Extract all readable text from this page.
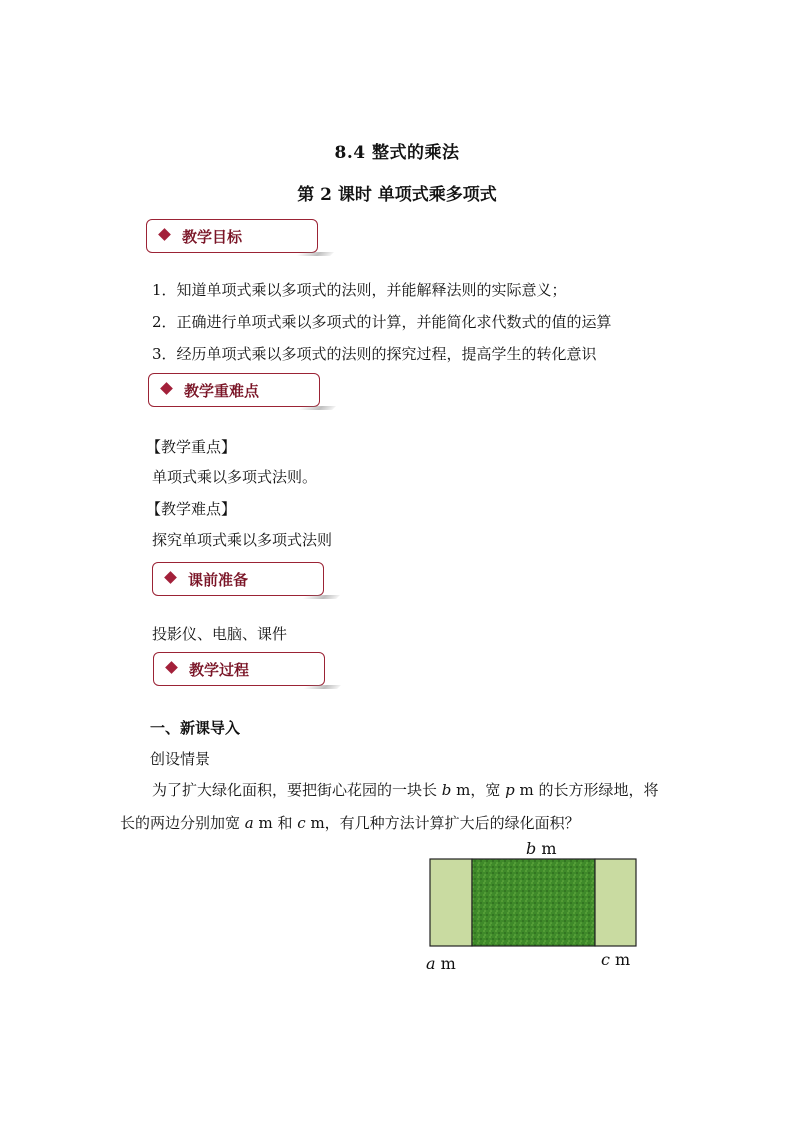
8.4 整式的乘法
第 2 课时 单项式乘多项式
教学目标
1．知道单项式乘以多项式的法则，并能解释法则的实际意义；
2．正确进行单项式乘以多项式的计算，并能简化求代数式的值的运算
3．经历单项式乘以多项式的法则的探究过程，提高学生的转化意识
教学重难点
【教学重点】
单项式乘以多项式法则。
【教学难点】
探究单项式乘以多项式法则
课前准备
投影仪、电脑、课件
教学过程
一、新课导入
创设情景
为了扩大绿化面积，要把街心花园的一块长 b m，宽 p m 的长方形绿地，将
长的两边分别加宽 a m 和 c m，有几种方法计算扩大后的绿化面积？
b m
a m	c m
